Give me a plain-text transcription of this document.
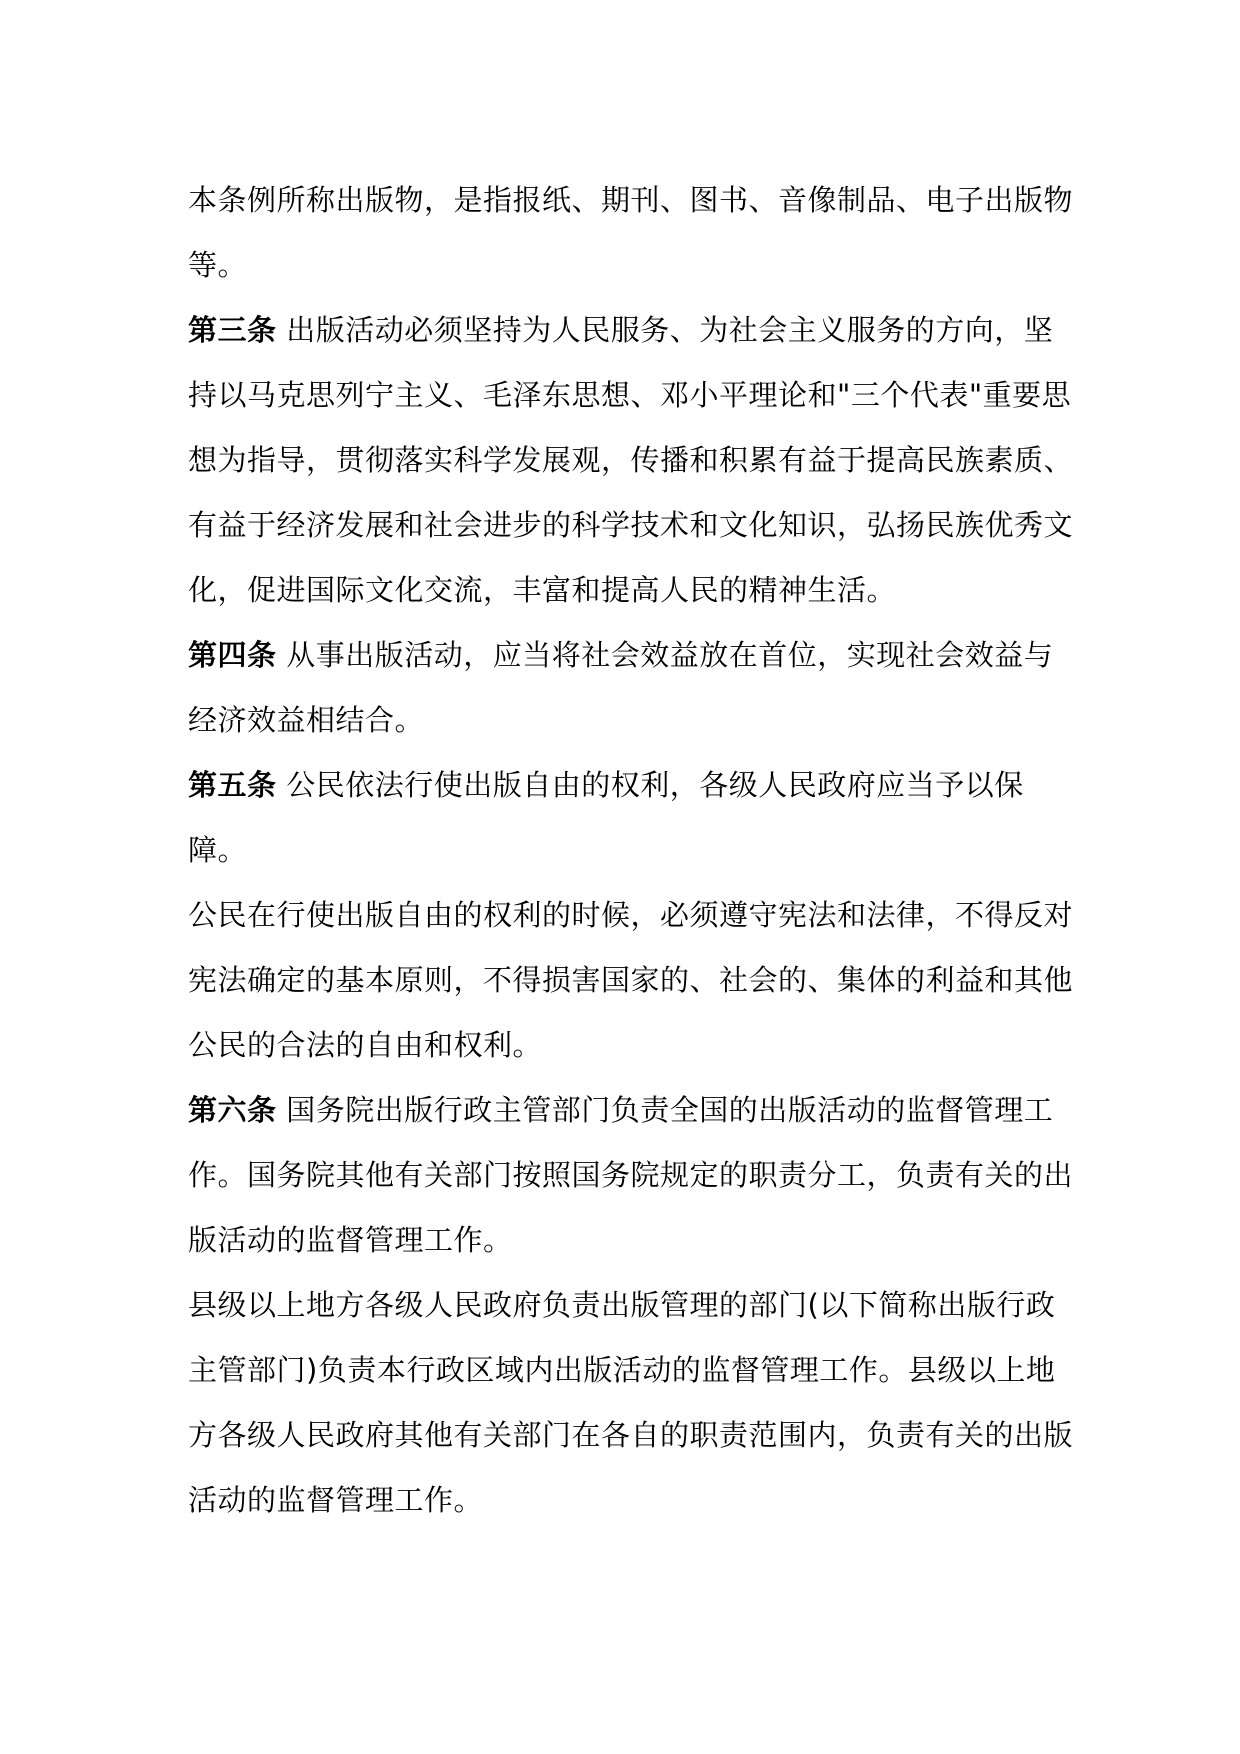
本条例所称出版物，是指报纸、期刊、图书、音像制品、电子出版物等。

第三条 出版活动必须坚持为人民服务、为社会主义服务的方向，坚持以马克思列宁主义、毛泽东思想、邓小平理论和"三个代表"重要思想为指导，贯彻落实科学发展观，传播和积累有益于提高民族素质、有益于经济发展和社会进步的科学技术和文化知识，弘扬民族优秀文化，促进国际文化交流，丰富和提高人民的精神生活。

第四条 从事出版活动，应当将社会效益放在首位，实现社会效益与经济效益相结合。

第五条 公民依法行使出版自由的权利，各级人民政府应当予以保障。

公民在行使出版自由的权利的时候，必须遵守宪法和法律，不得反对宪法确定的基本原则，不得损害国家的、社会的、集体的利益和其他公民的合法的自由和权利。

第六条 国务院出版行政主管部门负责全国的出版活动的监督管理工作。国务院其他有关部门按照国务院规定的职责分工，负责有关的出版活动的监督管理工作。

县级以上地方各级人民政府负责出版管理的部门(以下简称出版行政主管部门)负责本行政区域内出版活动的监督管理工作。县级以上地方各级人民政府其他有关部门在各自的职责范围内，负责有关的出版活动的监督管理工作。
